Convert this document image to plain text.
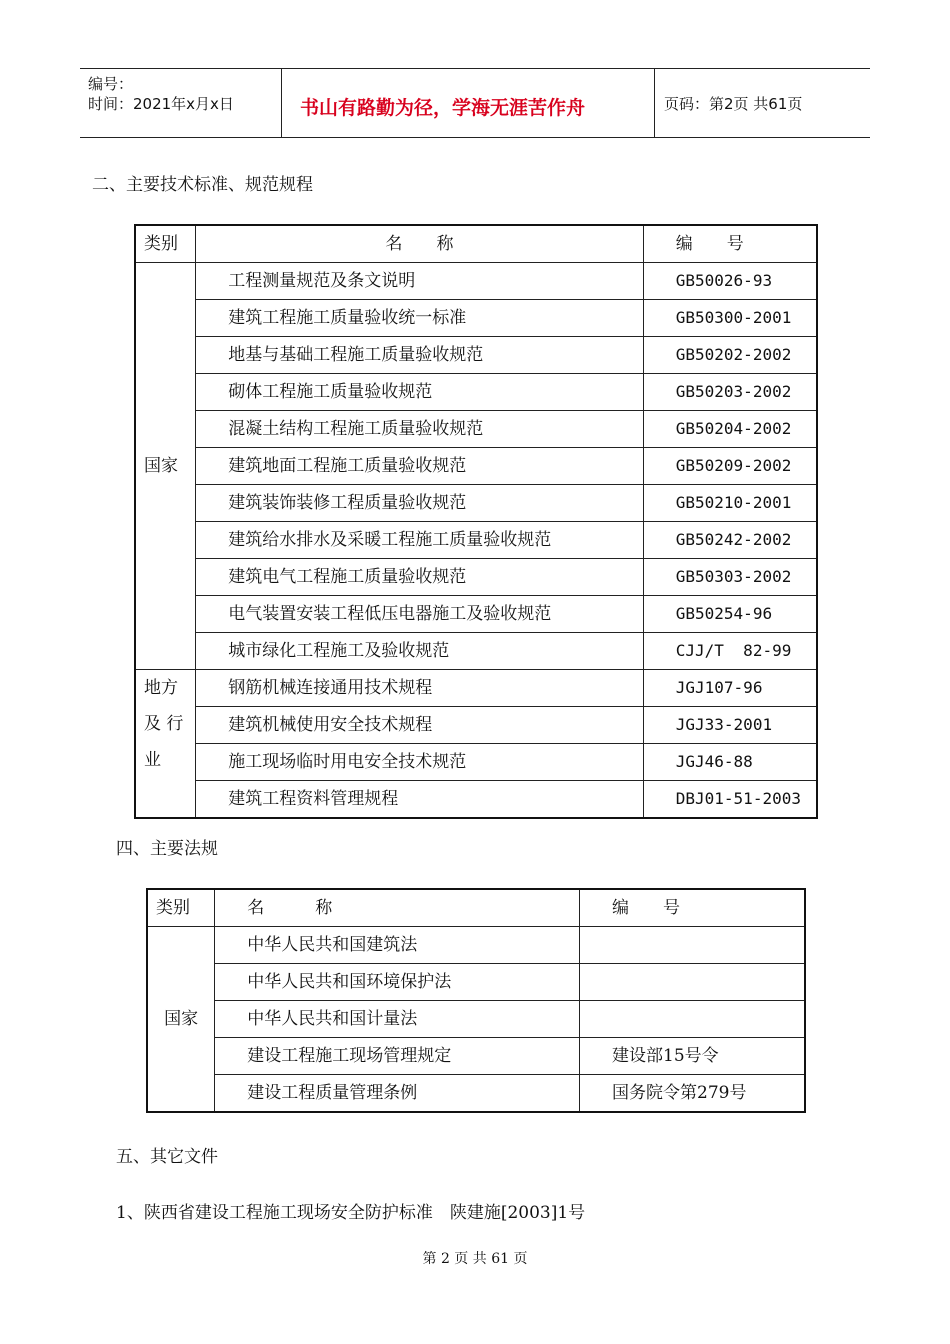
编号：
时间：2021年x月x日	书山有路勤为径，学海无涯苦作舟	页码：第2页 共61页
二、主要技术标准、规范规程
类别	名　　称	编　　号
国家	工程测量规范及条文说明	GB50026-93
	建筑工程施工质量验收统一标准	GB50300-2001
	地基与基础工程施工质量验收规范	GB50202-2002
	砌体工程施工质量验收规范	GB50203-2002
	混凝土结构工程施工质量验收规范	GB50204-2002
	建筑地面工程施工质量验收规范	GB50209-2002
	建筑装饰装修工程质量验收规范	GB50210-2001
	建筑给水排水及采暖工程施工质量验收规范	GB50242-2002
	建筑电气工程施工质量验收规范	GB50303-2002
	电气装置安装工程低压电器施工及验收规范	GB50254-96
	城市绿化工程施工及验收规范	CJJ/T  82-99

地方
及 行
业	钢筋机械连接通用技术规程	JGJ107-96
	建筑机械使用安全技术规程	JGJ33-2001
	施工现场临时用电安全技术规范	JGJ46-88
	建筑工程资料管理规程	DBJ01-51-2003
四、主要法规
类别	名　　　称	编　　号
国家	中华人民共和国建筑法	
	中华人民共和国环境保护法	
	中华人民共和国计量法	
	建设工程施工现场管理规定	建设部15号令
	建设工程质量管理条例	国务院令第279号
五、其它文件
1、陕西省建设工程施工现场安全防护标准　陕建施[2003]1号
第 2 页 共 61 页
